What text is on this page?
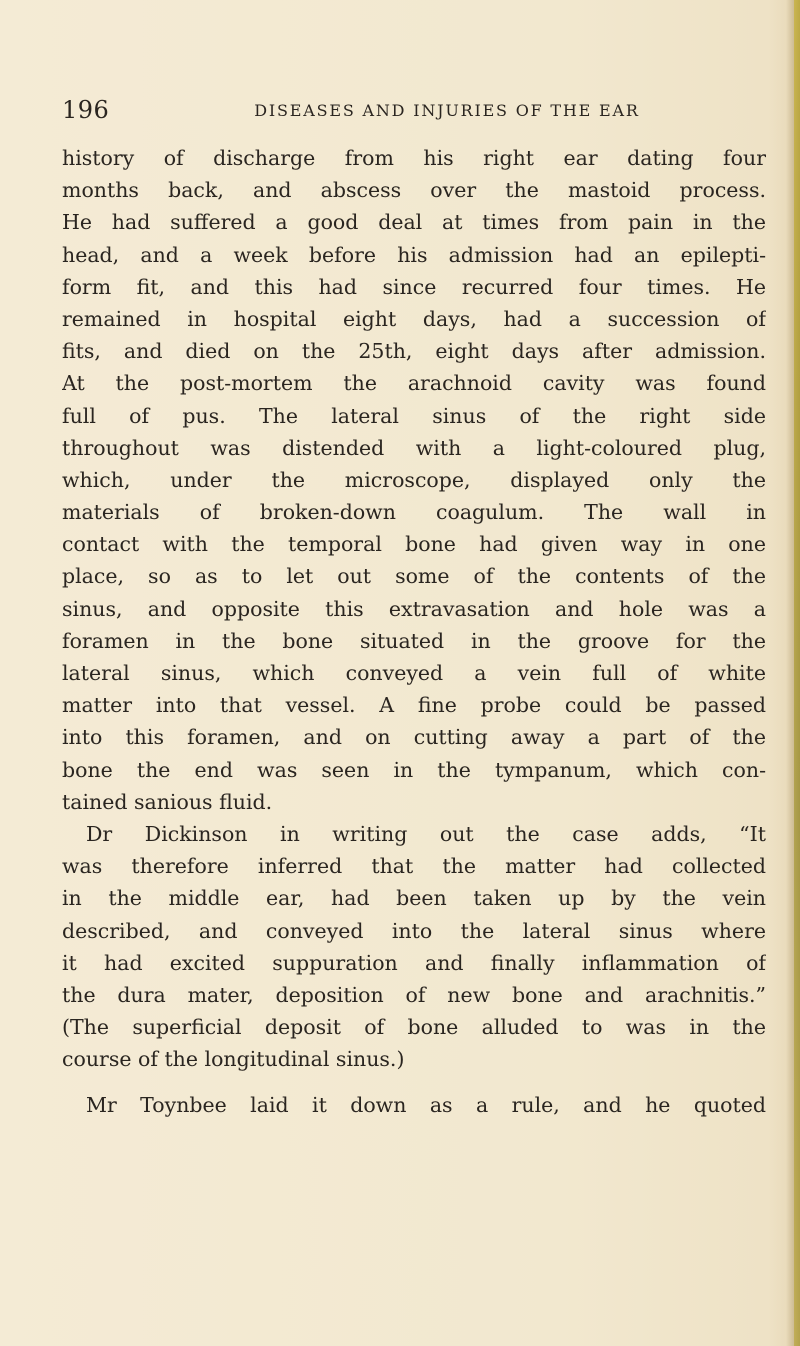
196	DISEASES AND INJURIES OF THE EAR
history of discharge from his right ear dating four
months back, and abscess over the mastoid process.
He had suffered a good deal at times from pain in the
head, and a week before his admission had an epilepti-
form fit, and this had since recurred four times. He
remained in hospital eight days, had a succession of
fits, and died on the 25th, eight days after admission.
At the post-mortem the arachnoid cavity was found
full of pus. The lateral sinus of the right side
throughout was distended with a light-coloured plug,
which, under the microscope, displayed only the
materials of broken-down coagulum. The wall in
contact with the temporal bone had given way in one
place, so as to let out some of the contents of the
sinus, and opposite this extravasation and hole was a
foramen in the bone situated in the groove for the
lateral sinus, which conveyed a vein full of white
matter into that vessel. A fine probe could be passed
into this foramen, and on cutting away a part of the
bone the end was seen in the tympanum, which con-
tained sanious fluid.
Dr Dickinson in writing out the case adds, “It
was therefore inferred that the matter had collected
in the middle ear, had been taken up by the vein
described, and conveyed into the lateral sinus where
it had excited suppuration and finally inflammation of
the dura mater, deposition of new bone and arachnitis.”
(The superficial deposit of bone alluded to was in the
course of the longitudinal sinus.)
Mr Toynbee laid it down as a rule, and he quoted
